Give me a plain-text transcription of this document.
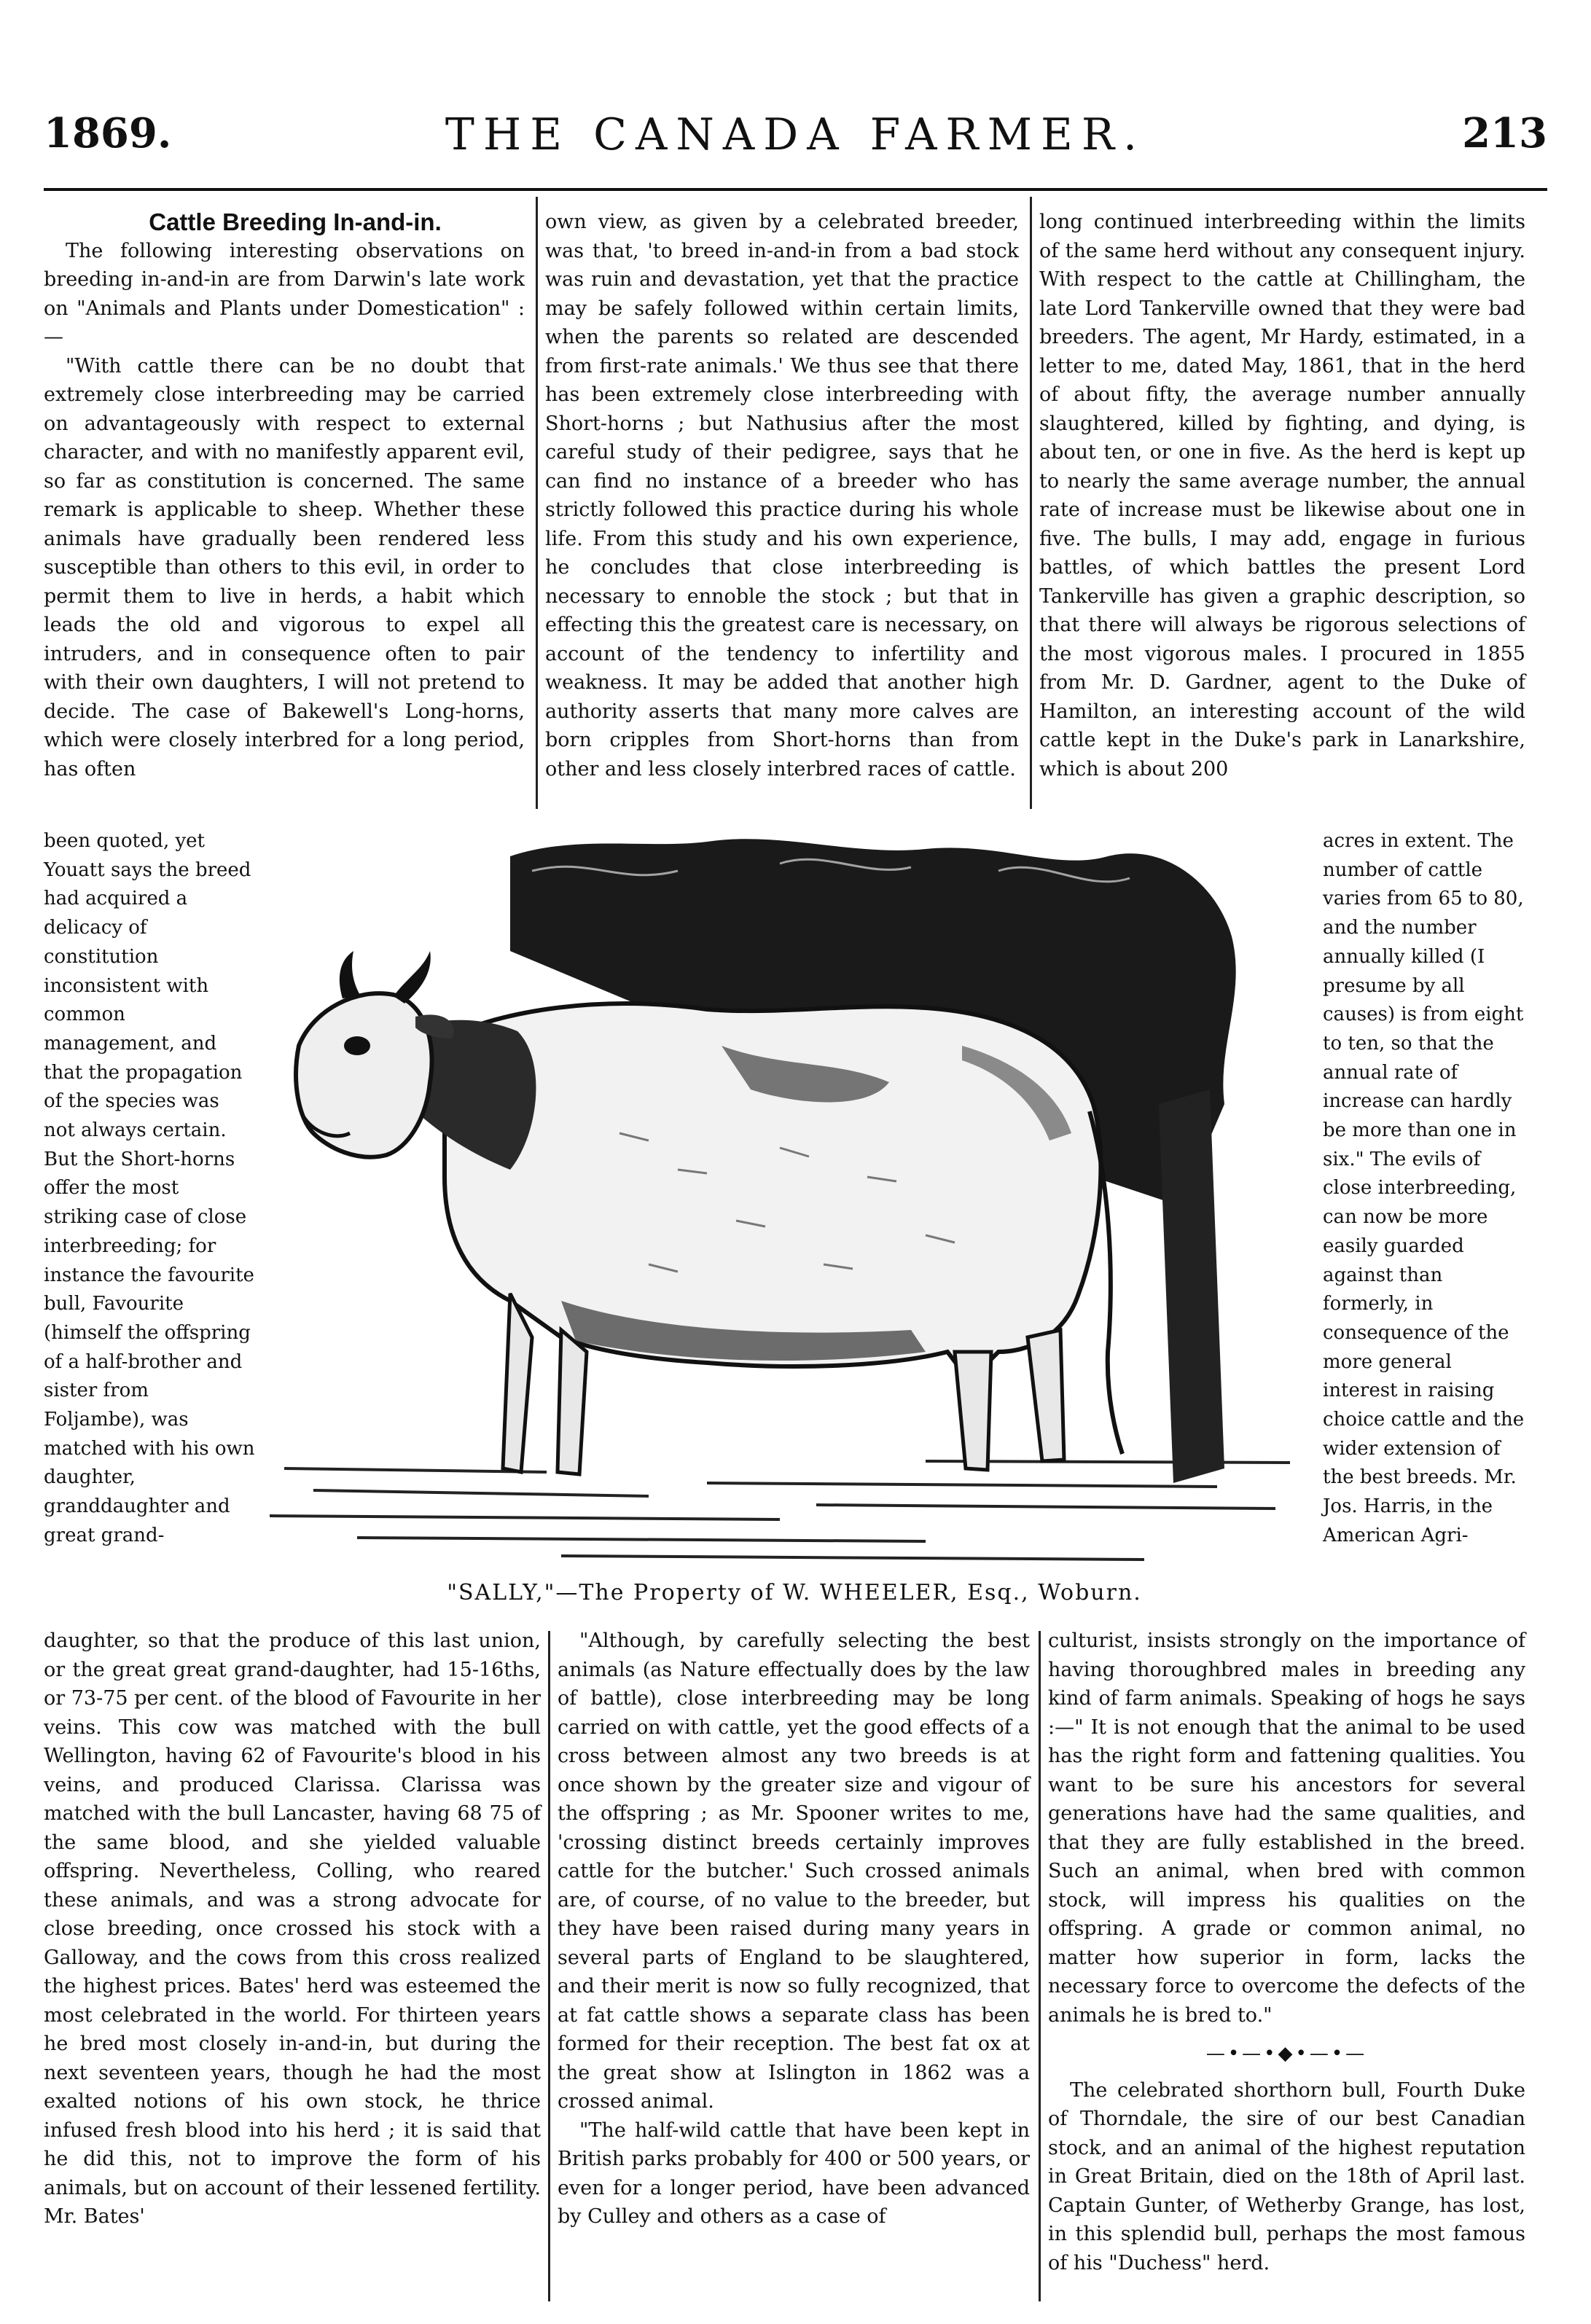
1869.	THE CANADA FARMER.	213

Cattle Breeding In-and-in.

The following interesting observations on breeding in-and-in are from Darwin's late work on "Animals and Plants under Domestication" :—

"With cattle there can be no doubt that extremely close interbreeding may be carried on advantageously with respect to external character, and with no manifestly apparent evil, so far as constitution is concerned. The same remark is applicable to sheep. Whether these animals have gradually been rendered less susceptible than others to this evil, in order to permit them to live in herds, a habit which leads the old and vigorous to expel all intruders, and in consequence often to pair with their own daughters, I will not pretend to decide. The case of Bakewell's Long-horns, which were closely interbred for a long period, has often

been quoted, yet Youatt says the breed had acquired a delicacy of constitution inconsistent with common management, and that the propagation of the species was not always certain. But the Short-horns offer the most striking case of close interbreeding; for instance the favourite bull, Favourite (himself the offspring of a half-brother and sister from Foljambe), was matched with his own daughter, granddaughter and great grand-

own view, as given by a celebrated breeder, was that, 'to breed in-and-in from a bad stock was ruin and devastation, yet that the practice may be safely followed within certain limits, when the parents so related are descended from first-rate animals.' We thus see that there has been extremely close interbreeding with Short-horns ; but Nathusius after the most careful study of their pedigree, says that he can find no instance of a breeder who has strictly followed this practice during his whole life. From this study and his own experience, he concludes that close interbreeding is necessary to ennoble the stock ; but that in effecting this the greatest care is necessary, on account of the tendency to infertility and weakness. It may be added that another high authority asserts that many more calves are born cripples from Short-horns than from other and less closely interbred races of cattle.

long continued interbreeding within the limits of the same herd without any consequent injury. With respect to the cattle at Chillingham, the late Lord Tankerville owned that they were bad breeders. The agent, Mr Hardy, estimated, in a letter to me, dated May, 1861, that in the herd of about fifty, the average number annually slaughtered, killed by fighting, and dying, is about ten, or one in five. As the herd is kept up to nearly the same average number, the annual rate of increase must be likewise about one in five. The bulls, I may add, engage in furious battles, of which battles the present Lord Tankerville has given a graphic description, so that there will always be rigorous selections of the most vigorous males. I procured in 1855 from Mr. D. Gardner, agent to the Duke of Hamilton, an interesting account of the wild cattle kept in the Duke's park in Lanarkshire, which is about 200

acres in extent. The number of cattle varies from 65 to 80, and the number annually killed (I presume by all causes) is from eight to ten, so that the annual rate of increase can hardly be more than one in six." The evils of close interbreeding, can now be more easily guarded against than formerly, in consequence of the more general interest in raising choice cattle and the wider extension of the best breeds. Mr. Jos. Harris, in the American Agri-

"SALLY,"—The Property of W. WHEELER, Esq., Woburn.

daughter, so that the produce of this last union, or the great great grand-daughter, had 15-16ths, or 73-75 per cent. of the blood of Favourite in her veins. This cow was matched with the bull Wellington, having 62 of Favourite's blood in his veins, and produced Clarissa. Clarissa was matched with the bull Lancaster, having 68 75 of the same blood, and she yielded valuable offspring. Nevertheless, Colling, who reared these animals, and was a strong advocate for close breeding, once crossed his stock with a Galloway, and the cows from this cross realized the highest prices. Bates' herd was esteemed the most celebrated in the world. For thirteen years he bred most closely in-and-in, but during the next seventeen years, though he had the most exalted notions of his own stock, he thrice infused fresh blood into his herd ; it is said that he did this, not to improve the form of his animals, but on account of their lessened fertility. Mr. Bates'

"Although, by carefully selecting the best animals (as Nature effectually does by the law of battle), close interbreeding may be long carried on with cattle, yet the good effects of a cross between almost any two breeds is at once shown by the greater size and vigour of the offspring ; as Mr. Spooner writes to me, 'crossing distinct breeds certainly improves cattle for the butcher.' Such crossed animals are, of course, of no value to the breeder, but they have been raised during many years in several parts of England to be slaughtered, and their merit is now so fully recognized, that at fat cattle shows a separate class has been formed for their reception. The best fat ox at the great show at Islington in 1862 was a crossed animal.

"The half-wild cattle that have been kept in British parks probably for 400 or 500 years, or even for a longer period, have been advanced by Culley and others as a case of

culturist, insists strongly on the importance of having thoroughbred males in breeding any kind of farm animals. Speaking of hogs he says :—" It is not enough that the animal to be used has the right form and fattening qualities. You want to be sure his ancestors for several generations have had the same qualities, and that they are fully established in the breed. Such an animal, when bred with common stock, will impress his qualities on the offspring. A grade or common animal, no matter how superior in form, lacks the necessary force to overcome the defects of the animals he is bred to."

—•—•◆•—•—

The celebrated shorthorn bull, Fourth Duke of Thorndale, the sire of our best Canadian stock, and an animal of the highest reputation in Great Britain, died on the 18th of April last. Captain Gunter, of Wetherby Grange, has lost, in this splendid bull, perhaps the most famous of his "Duchess" herd.
